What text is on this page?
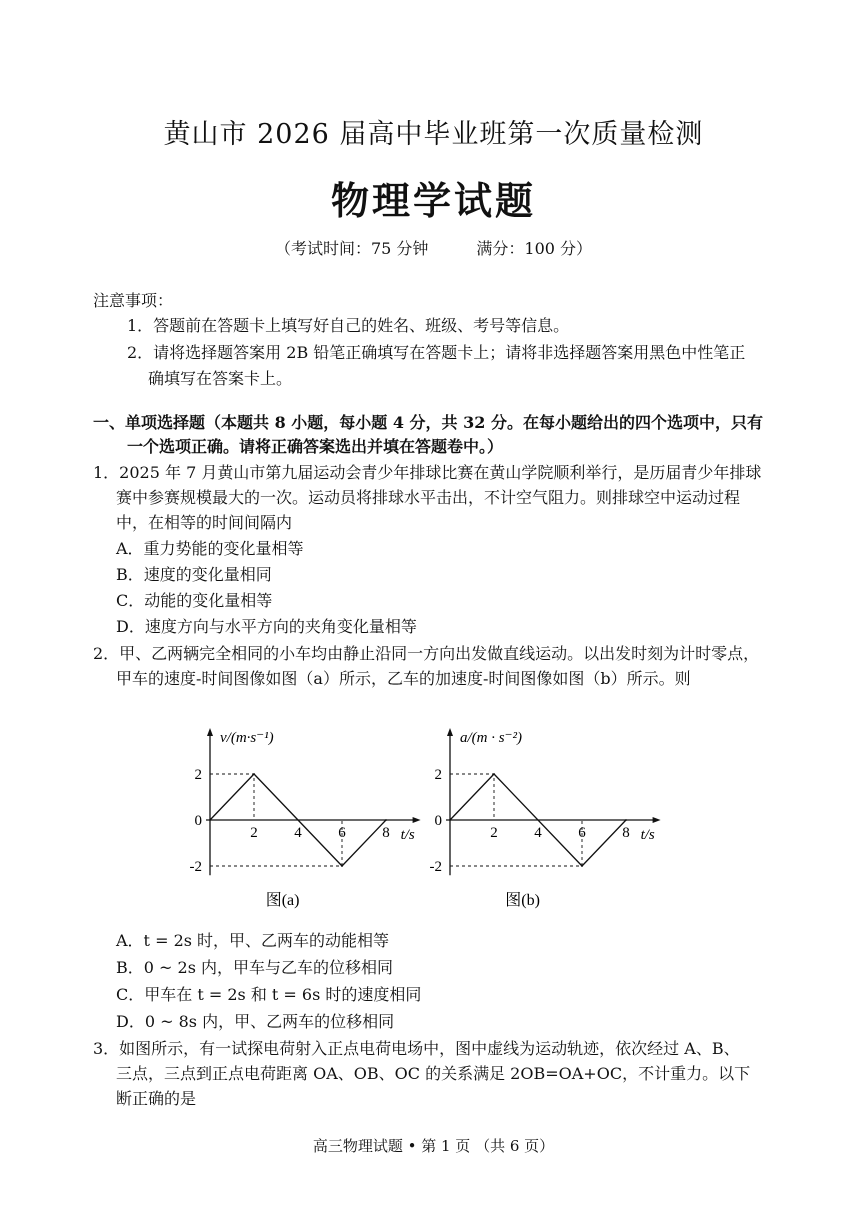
黄山市 2026 届高中毕业班第一次质量检测
物理学试题
（考试时间：75 分钟	满分：100 分）
注意事项：
1．答题前在答题卡上填写好自己的姓名、班级、考号等信息。
2．请将选择题答案用 2B 铅笔正确填写在答题卡上；请将非选择题答案用黑色中性笔正
确填写在答案卡上。
一、单项选择题（本题共 8 小题，每小题 4 分，共 32 分。在每小题给出的四个选项中，只有
一个选项正确。请将正确答案选出并填在答题卷中。）
1．2025 年 7 月黄山市第九届运动会青少年排球比赛在黄山学院顺利举行，是历届青少年排球
赛中参赛规模最大的一次。运动员将排球水平击出，不计空气阻力。则排球空中运动过程
中，在相等的时间间隔内
A．重力势能的变化量相等
B．速度的变化量相同
C．动能的变化量相等
D．速度方向与水平方向的夹角变化量相等
2．甲、乙两辆完全相同的小车均由静止沿同一方向出发做直线运动。以出发时刻为计时零点，
甲车的速度-时间图像如图（a）所示，乙车的加速度-时间图像如图（b）所示。则
2 4 6 8
2
0
-2
v/(m·s⁻¹)
t/s
图(a)
2 4 6 8
2
0
-2
a/(m · s⁻²)
t/s
图(b)
A．t = 2s 时，甲、乙两车的动能相等
B．0 ~ 2s 内，甲车与乙车的位移相同
C．甲车在 t = 2s 和 t = 6s 时的速度相同
D．0 ~ 8s 内，甲、乙两车的位移相同
3．如图所示，有一试探电荷射入正点电荷电场中，图中虚线为运动轨迹，依次经过 A、B、
三点，三点到正点电荷距离 OA、OB、OC 的关系满足 2OB=OA+OC，不计重力。以下
断正确的是
高三物理试题 • 第 1 页 （共 6 页）
